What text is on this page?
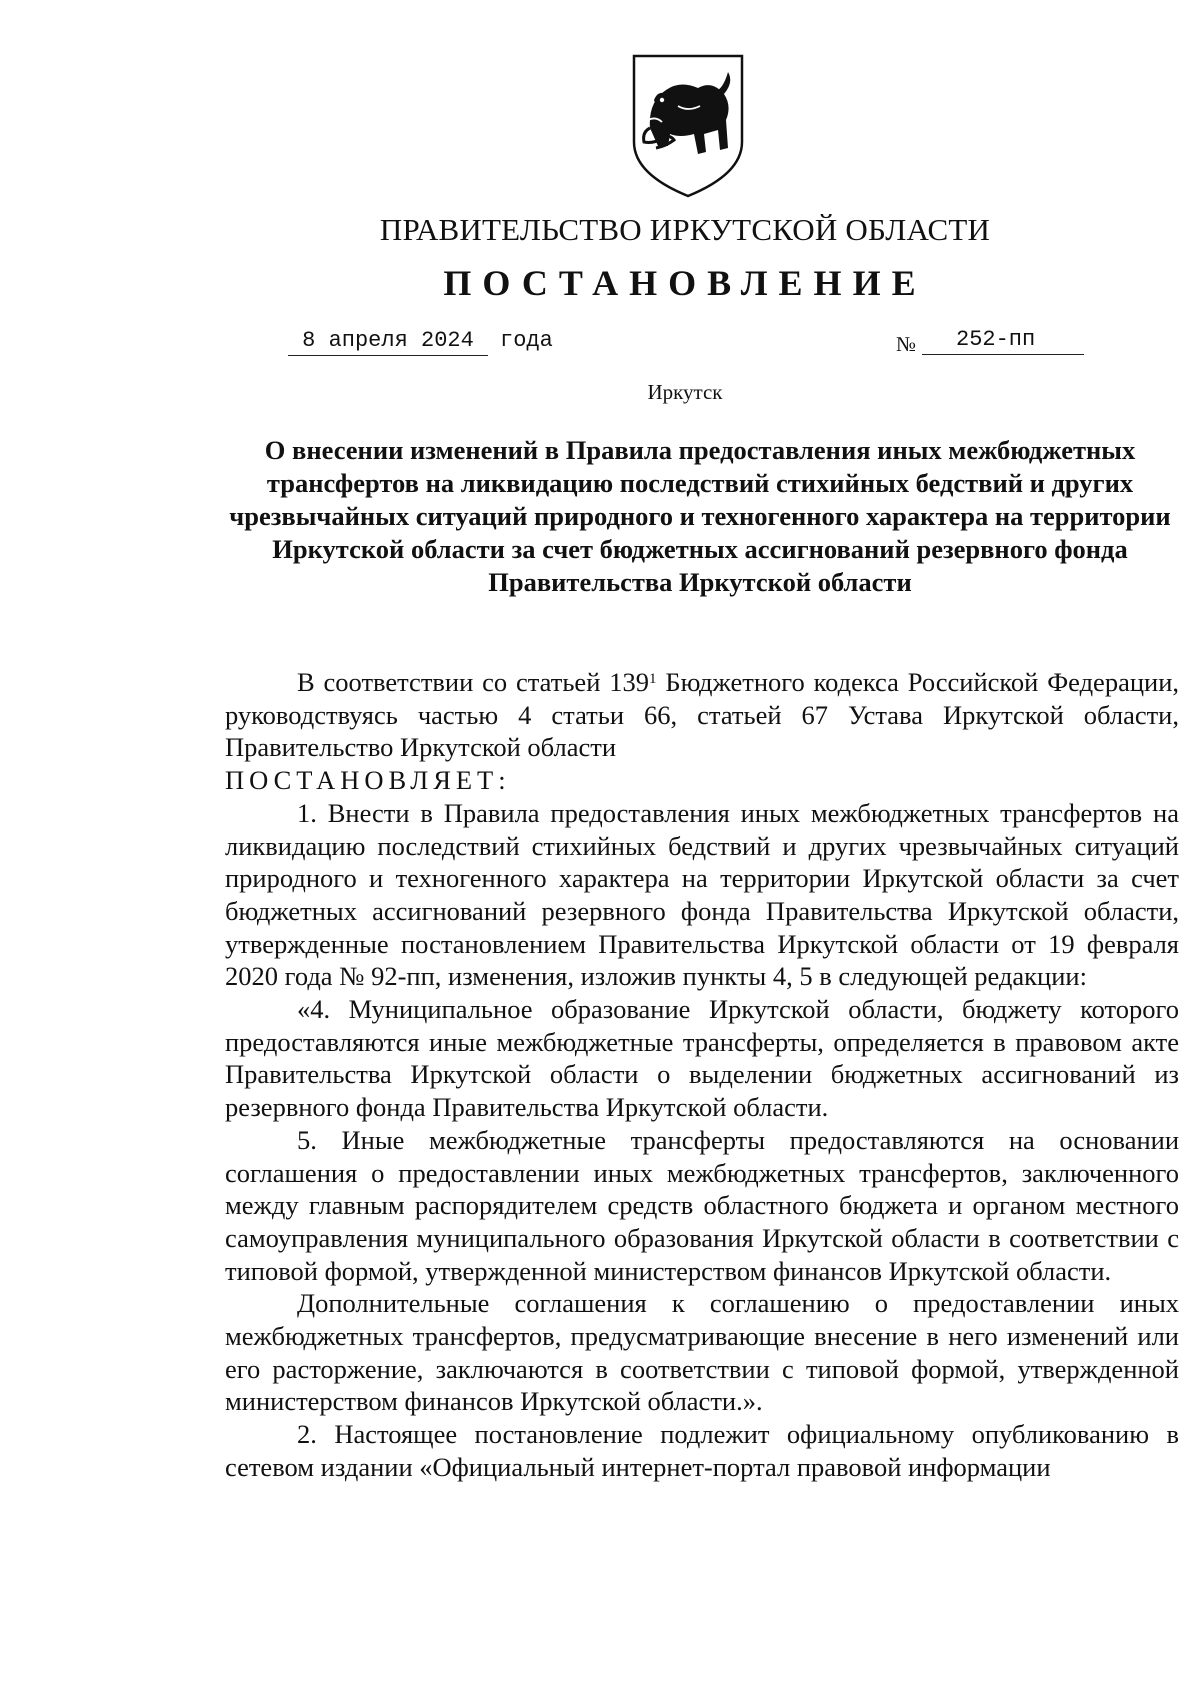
ПРАВИТЕЛЬСТВО ИРКУТСКОЙ ОБЛАСТИ
ПОСТАНОВЛЕНИЕ
8 апреля 2024	года	№	252-пп
Иркутск
О внесении изменений в Правила предоставления иных межбюджетных трансфертов на ликвидацию последствий стихийных бедствий и других чрезвычайных ситуаций природного и техногенного характера на территории Иркутской области за счет бюджетных ассигнований резервного фонда Правительства Иркутской области

В соответствии со статьей $139^1$ Бюджетного кодекса Российской Федерации, руководствуясь частью 4 статьи 66, статьей 67 Устава Иркутской области, Правительство Иркутской области

ПОСТАНОВЛЯЕТ:

1. Внести в Правила предоставления иных межбюджетных трансфертов на ликвидацию последствий стихийных бедствий и других чрезвычайных ситуаций природного и техногенного характера на территории Иркутской области за счет бюджетных ассигнований резервного фонда Правительства Иркутской области, утвержденные постановлением Правительства Иркутской области от 19 февраля 2020 года № 92-пп, изменения, изложив пункты 4, 5 в следующей редакции:

«4. Муниципальное образование Иркутской области, бюджету которого предоставляются иные межбюджетные трансферты, определяется в правовом акте Правительства Иркутской области о выделении бюджетных ассигнований из резервного фонда Правительства Иркутской области.

5. Иные межбюджетные трансферты предоставляются на основании соглашения о предоставлении иных межбюджетных трансфертов, заключенного между главным распорядителем средств областного бюджета и органом местного самоуправления муниципального образования Иркутской области в соответствии с типовой формой, утвержденной министерством финансов Иркутской области.

Дополнительные соглашения к соглашению о предоставлении иных межбюджетных трансфертов, предусматривающие внесение в него изменений или его расторжение, заключаются в соответствии с типовой формой, утвержденной министерством финансов Иркутской области.».

2. Настоящее постановление подлежит официальному опубликованию в сетевом издании «Официальный интернет-портал правовой информации
